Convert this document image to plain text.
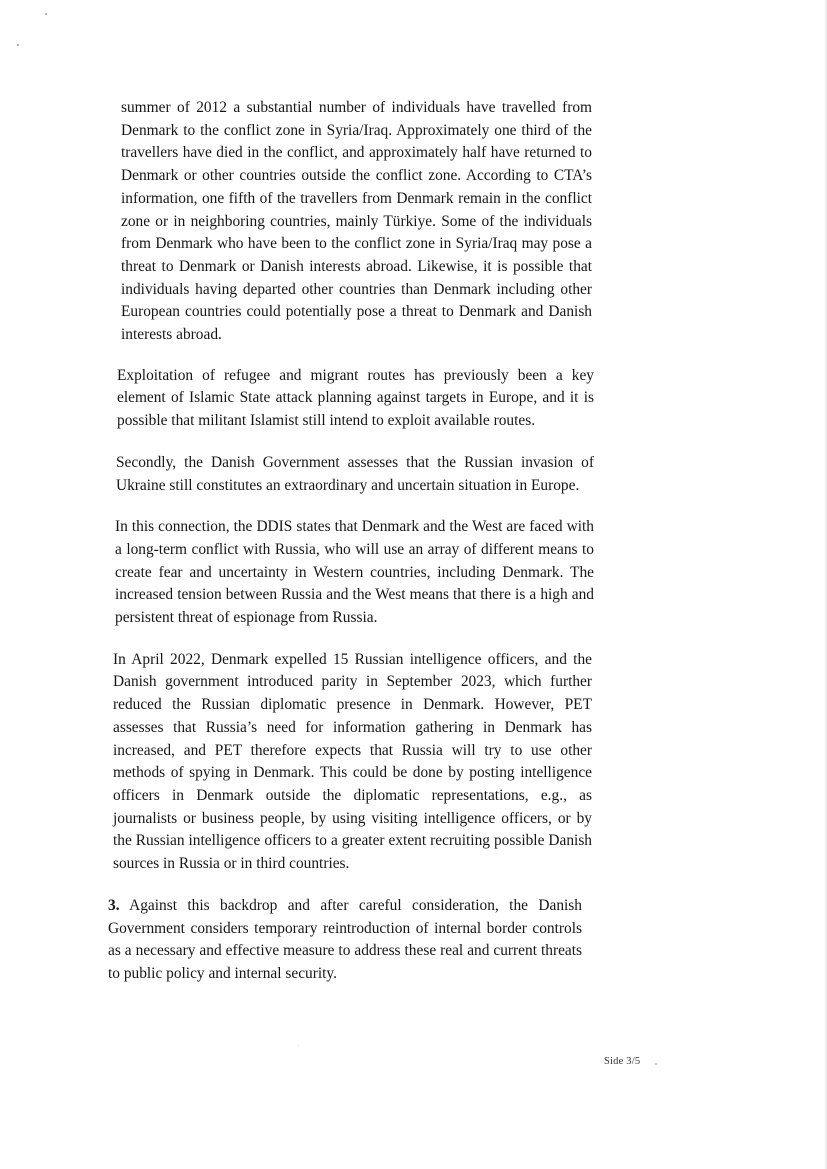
summer of 2012 a substantial number of individuals have travelled from Denmark to the conflict zone in Syria/Iraq. Approximately one third of the travellers have died in the conflict, and approximately half have returned to Denmark or other countries outside the conflict zone. According to CTA’s information, one fifth of the travellers from Denmark remain in the conflict zone or in neighboring countries, mainly Türkiye. Some of the individuals from Denmark who have been to the conflict zone in Syria/Iraq may pose a threat to Denmark or Danish interests abroad. Likewise, it is possible that individuals having departed other countries than Denmark including other European countries could potentially pose a threat to Denmark and Danish interests abroad.

Exploitation of refugee and migrant routes has previously been a key element of Islamic State attack planning against targets in Europe, and it is possible that militant Islamist still intend to exploit available routes.

Secondly, the Danish Government assesses that the Russian invasion of Ukraine still constitutes an extraordinary and uncertain situation in Europe.

In this connection, the DDIS states that Denmark and the West are faced with a long-term conflict with Russia, who will use an array of different means to create fear and uncertainty in Western countries, including Denmark. The increased tension between Russia and the West means that there is a high and persistent threat of espionage from Russia.

In April 2022, Denmark expelled 15 Russian intelligence officers, and the Danish government introduced parity in September 2023, which further reduced the Russian diplomatic presence in Denmark. However, PET assesses that Russia’s need for information gathering in Denmark has increased, and PET therefore expects that Russia will try to use other methods of spying in Denmark. This could be done by posting intelligence officers in Denmark outside the diplomatic representations, e.g., as journalists or business people, by using visiting intelligence officers, or by the Russian intelligence officers to a greater extent recruiting possible Danish sources in Russia or in third countries.

3. Against this backdrop and after careful consideration, the Danish Government considers temporary reintroduction of internal border controls as a necessary and effective measure to address these real and current threats to public policy and internal security.

Side 3/5
